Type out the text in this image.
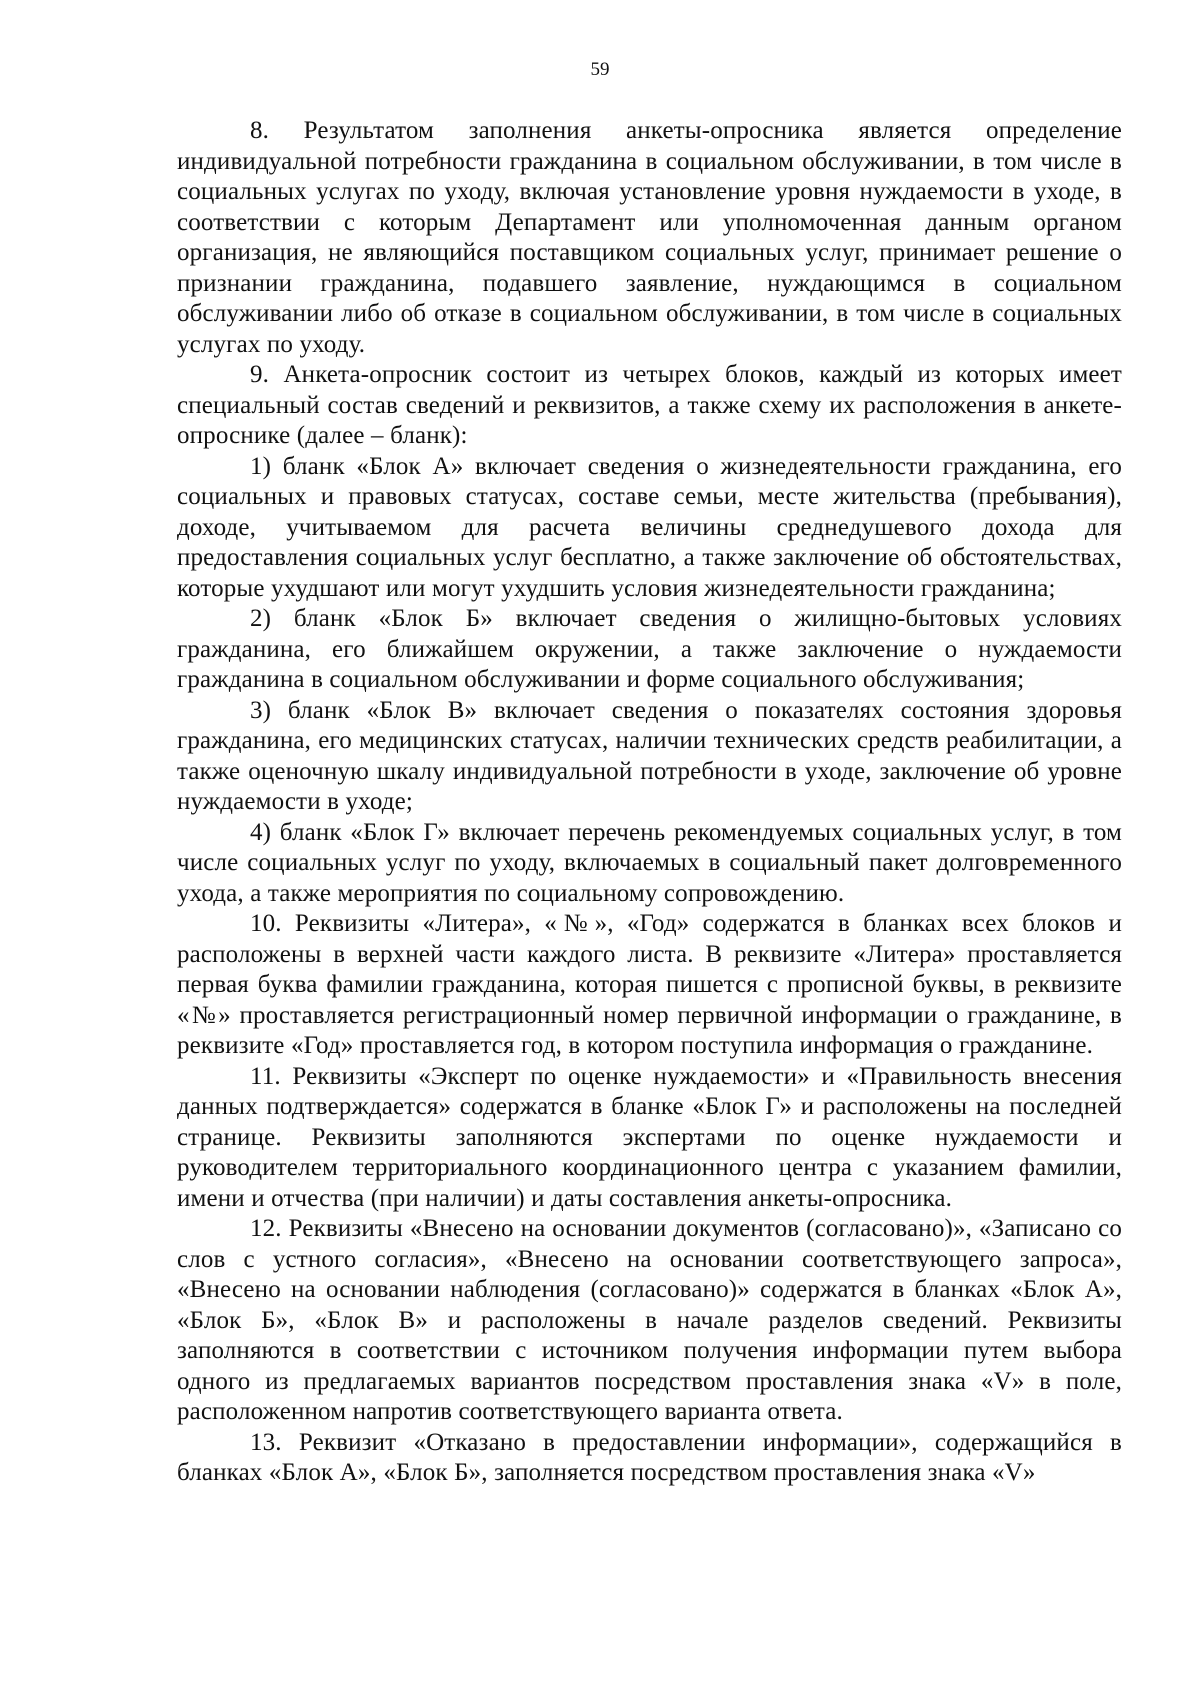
59

8. Результатом заполнения анкеты-опросника является определение индивидуальной потребности гражданина в социальном обслуживании, в том числе в социальных услугах по уходу, включая установление уровня нуждаемости в уходе, в соответствии с которым Департамент или уполномоченная данным органом организация, не являющийся поставщиком социальных услуг, принимает решение о признании гражданина, подавшего заявление, нуждающимся в социальном обслуживании либо об отказе в социальном обслуживании, в том числе в социальных услугах по уходу.

9. Анкета-опросник состоит из четырех блоков, каждый из которых имеет специальный состав сведений и реквизитов, а также схему их расположения в анкете-опроснике (далее – бланк):

1) бланк «Блок А» включает сведения о жизнедеятельности гражданина, его социальных и правовых статусах, составе семьи, месте жительства (пребывания), доходе, учитываемом для расчета величины среднедушевого дохода для предоставления социальных услуг бесплатно, а также заключение об обстоятельствах, которые ухудшают или могут ухудшить условия жизнедеятельности гражданина;

2) бланк «Блок Б» включает сведения о жилищно-бытовых условиях гражданина, его ближайшем окружении, а также заключение о нуждаемости гражданина в социальном обслуживании и форме социального обслуживания;

3) бланк «Блок В» включает сведения о показателях состояния здоровья гражданина, его медицинских статусах, наличии технических средств реабилитации, а также оценочную шкалу индивидуальной потребности в уходе, заключение об уровне нуждаемости в уходе;

4) бланк «Блок Г» включает перечень рекомендуемых социальных услуг, в том числе социальных услуг по уходу, включаемых в социальный пакет долговременного ухода, а также мероприятия по социальному сопровождению.

10. Реквизиты «Литера», «№», «Год» содержатся в бланках всех блоков и расположены в верхней части каждого листа. В реквизите «Литера» проставляется первая буква фамилии гражданина, которая пишется с прописной буквы, в реквизите «№» проставляется регистрационный номер первичной информации о гражданине, в реквизите «Год» проставляется год, в котором поступила информация о гражданине.

11. Реквизиты «Эксперт по оценке нуждаемости» и «Правильность внесения данных подтверждается» содержатся в бланке «Блок Г» и расположены на последней странице. Реквизиты заполняются экспертами по оценке нуждаемости и руководителем территориального координационного центра с указанием фамилии, имени и отчества (при наличии) и даты составления анкеты-опросника.

12. Реквизиты «Внесено на основании документов (согласовано)», «Записано со слов с устного согласия», «Внесено на основании соответствующего запроса», «Внесено на основании наблюдения (согласовано)» содержатся в бланках «Блок А», «Блок Б», «Блок В» и расположены в начале разделов сведений. Реквизиты заполняются в соответствии с источником получения информации путем выбора одного из предлагаемых вариантов посредством проставления знака «V» в поле, расположенном напротив соответствующего варианта ответа.

13. Реквизит «Отказано в предоставлении информации», содержащийся в бланках «Блок А», «Блок Б», заполняется посредством проставления знака «V»
